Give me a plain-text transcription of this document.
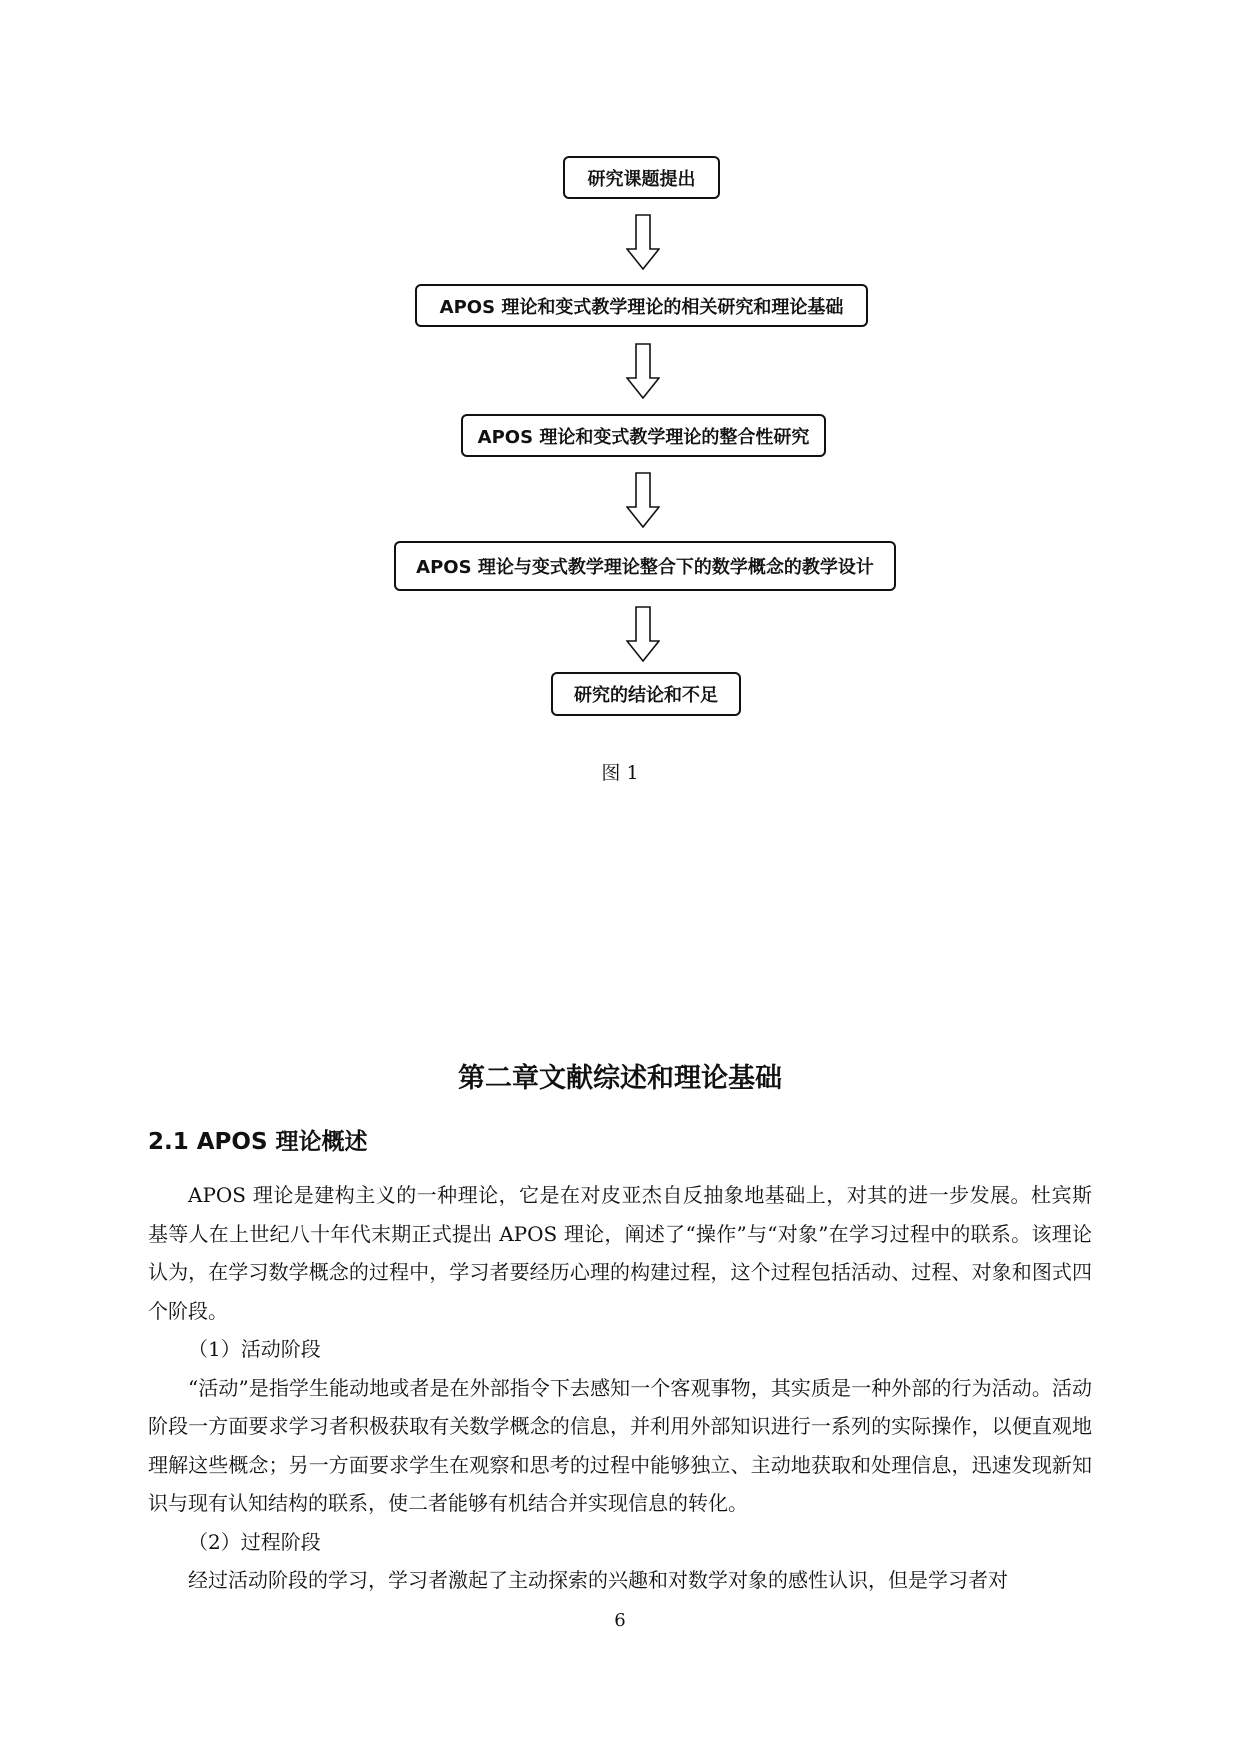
研究课题提出
APOS 理论和变式教学理论的相关研究和理论基础
APOS 理论和变式教学理论的整合性研究
APOS 理论与变式教学理论整合下的数学概念的教学设计
研究的结论和不足
图 1
第二章文献综述和理论基础
2.1 APOS 理论概述

APOS 理论是建构主义的一种理论，它是在对皮亚杰自反抽象地基础上，对其的进一步发展。杜宾斯基等人在上世纪八十年代末期正式提出 APOS 理论，阐述了“操作”与“对象”在学习过程中的联系。该理论认为，在学习数学概念的过程中，学习者要经历心理的构建过程，这个过程包括活动、过程、对象和图式四个阶段。

（1）活动阶段

“活动”是指学生能动地或者是在外部指令下去感知一个客观事物，其实质是一种外部的行为活动。活动阶段一方面要求学习者积极获取有关数学概念的信息，并利用外部知识进行一系列的实际操作，以便直观地理解这些概念；另一方面要求学生在观察和思考的过程中能够独立、主动地获取和处理信息，迅速发现新知识与现有认知结构的联系，使二者能够有机结合并实现信息的转化。

（2）过程阶段

经过活动阶段的学习，学习者激起了主动探索的兴趣和对数学对象的感性认识，但是学习者对

6
